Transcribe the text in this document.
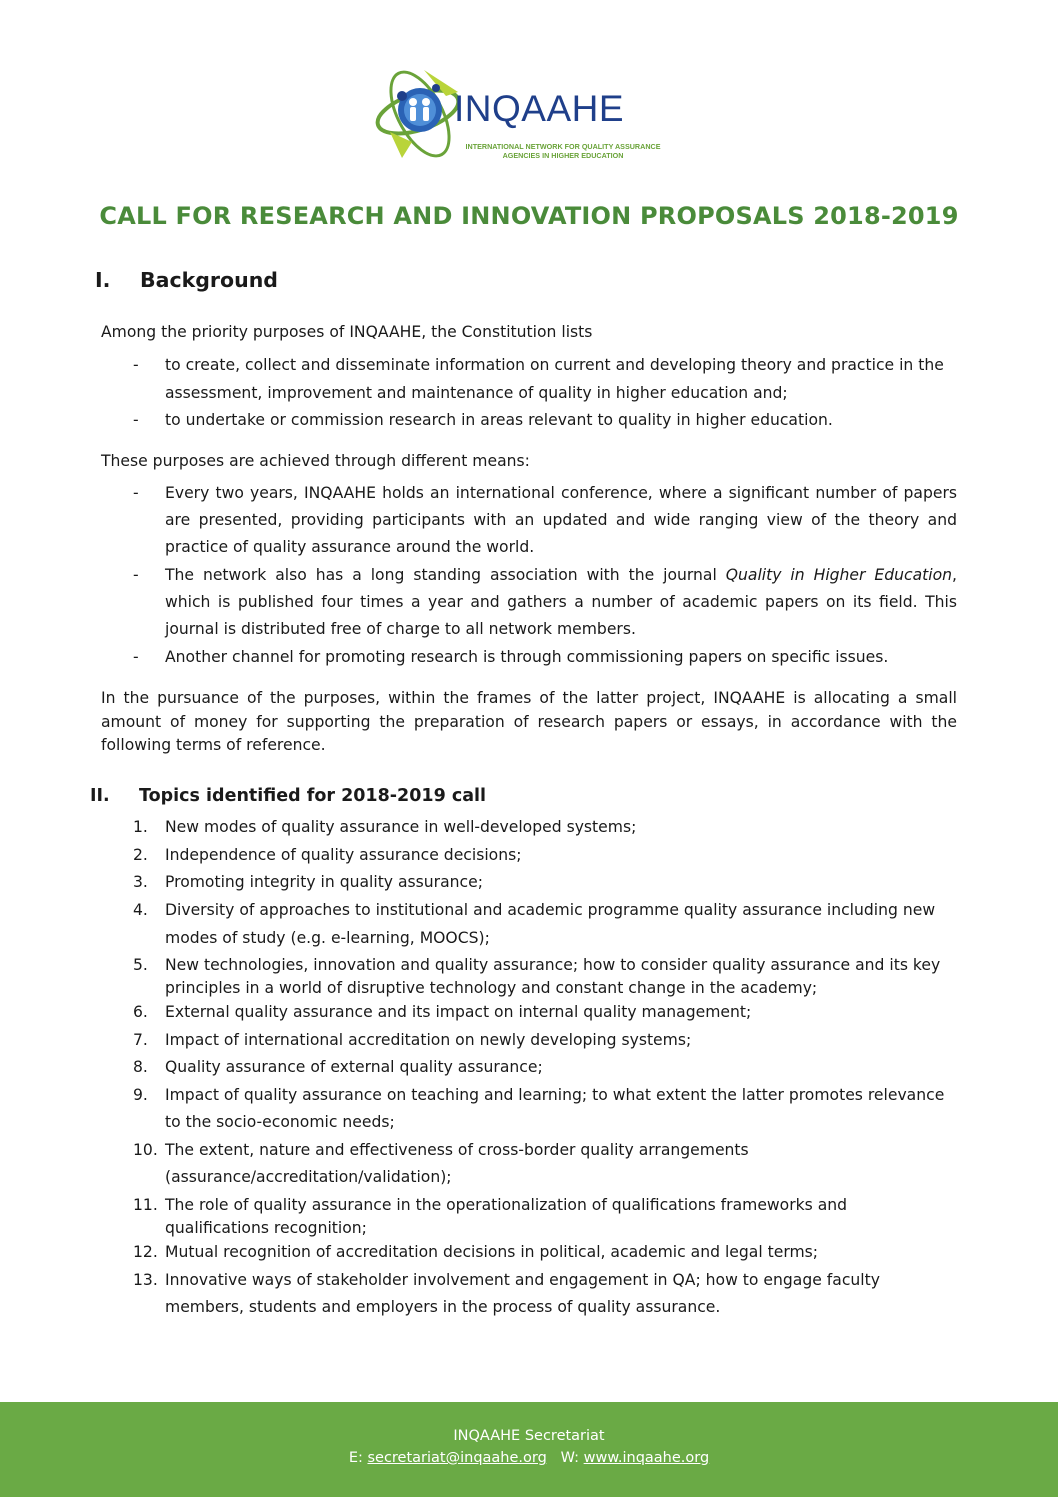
INQAAHE
INTERNATIONAL NETWORK FOR QUALITY ASSURANCE
AGENCIES IN HIGHER EDUCATION
CALL FOR RESEARCH AND INNOVATION PROPOSALS 2018-2019
I. Background
Among the priority purposes of INQAAHE, the Constitution lists
- to create, collect and disseminate information on current and developing theory and practice in the
assessment, improvement and maintenance of quality in higher education and;
- to undertake or commission research in areas relevant to quality in higher education.
These purposes are achieved through different means:
- Every two years, INQAAHE holds an international conference, where a significant number of papers
are presented, providing participants with an updated and wide ranging view of the theory and
practice of quality assurance around the world.
- The network also has a long standing association with the journal Quality in Higher Education,
which is published four times a year and gathers a number of academic papers on its field. This
journal is distributed free of charge to all network members.
- Another channel for promoting research is through commissioning papers on specific issues.
In the pursuance of the purposes, within the frames of the latter project, INQAAHE is allocating a small amount of money for supporting the preparation of research papers or essays, in accordance with the following terms of reference.
II. Topics identified for 2018-2019 call
1. New modes of quality assurance in well-developed systems;
2. Independence of quality assurance decisions;
3. Promoting integrity in quality assurance;
4. Diversity of approaches to institutional and academic programme quality assurance including new
modes of study (e.g. e-learning, MOOCS);
5. New technologies, innovation and quality assurance; how to consider quality assurance and its key
principles in a world of disruptive technology and constant change in the academy;
6. External quality assurance and its impact on internal quality management;
7. Impact of international accreditation on newly developing systems;
8. Quality assurance of external quality assurance;
9. Impact of quality assurance on teaching and learning; to what extent the latter promotes relevance
to the socio-economic needs;
10. The extent, nature and effectiveness of cross-border quality arrangements
(assurance/accreditation/validation);
11. The role of quality assurance in the operationalization of qualifications frameworks and
qualifications recognition;
12. Mutual recognition of accreditation decisions in political, academic and legal terms;
13. Innovative ways of stakeholder involvement and engagement in QA; how to engage faculty
members, students and employers in the process of quality assurance.
INQAAHE Secretariat
E: secretariat@inqaahe.org W: www.inqaahe.org
